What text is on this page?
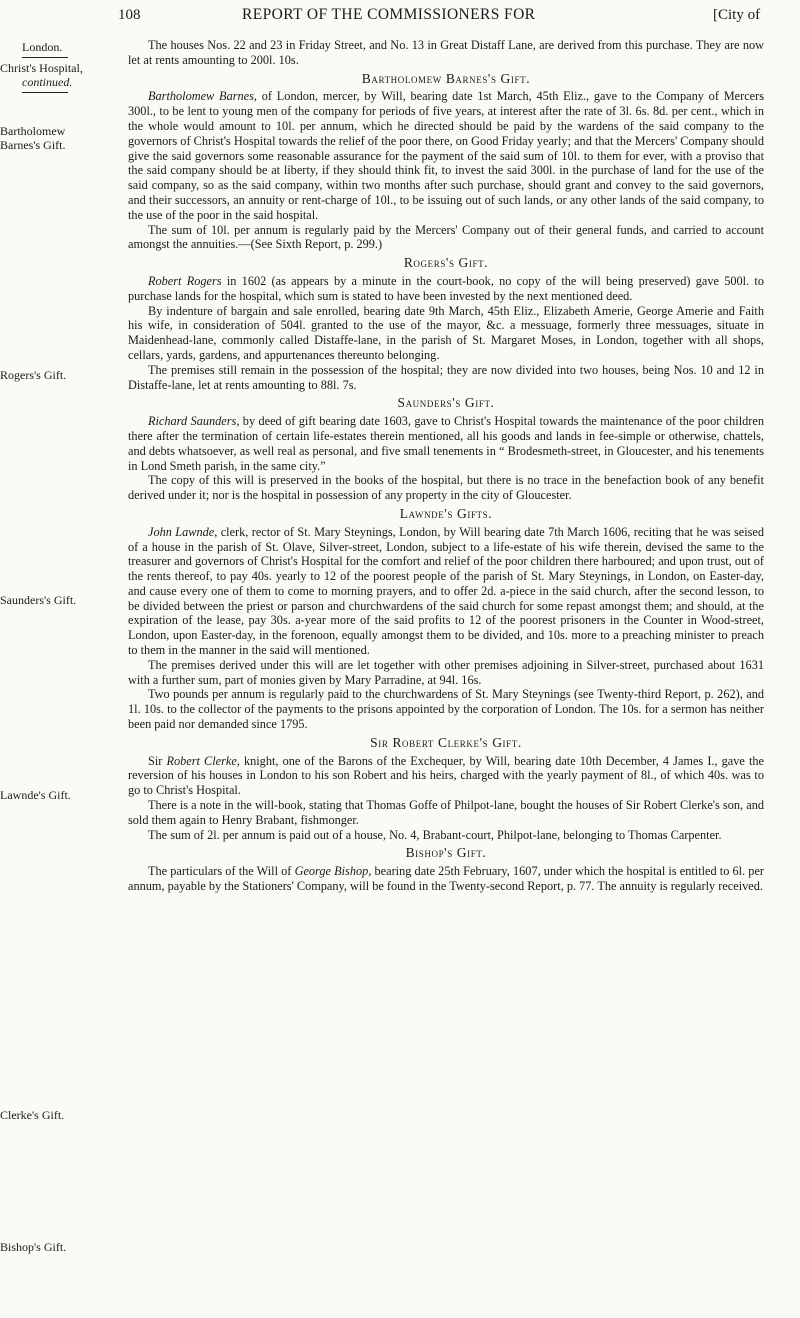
108	REPORT OF THE COMMISSIONERS FOR	[City of
London.
Christ's Hospital,
continued.
Bartholomew
Barnes's Gift.
Rogers's Gift.
Saunders's Gift.
Lawnde's Gift.
Clerke's Gift.
Bishop's Gift.

The houses Nos. 22 and 23 in Friday Street, and No. 13 in Great Distaff Lane, are derived from this purchase. They are now let at rents amounting to 200l. 10s.

Bartholomew Barnes's Gift.

Bartholomew Barnes, of London, mercer, by Will, bearing date 1st March, 45th Eliz., gave to the Company of Mercers 300l., to be lent to young men of the company for periods of five years, at interest after the rate of 3l. 6s. 8d. per cent., which in the whole would amount to 10l. per annum, which he directed should be paid by the wardens of the said company to the governors of Christ's Hospital towards the relief of the poor there, on Good Friday yearly; and that the Mercers' Company should give the said governors some reasonable assurance for the payment of the said sum of 10l. to them for ever, with a proviso that the said company should be at liberty, if they should think fit, to invest the said 300l. in the purchase of land for the use of the said company, so as the said company, within two months after such purchase, should grant and convey to the said governors, and their successors, an annuity or rent-charge of 10l., to be issuing out of such lands, or any other lands of the said company, to the use of the poor in the said hospital.

The sum of 10l. per annum is regularly paid by the Mercers' Company out of their general funds, and carried to account amongst the annuities.—(See Sixth Report, p. 299.)

Rogers's Gift.

Robert Rogers in 1602 (as appears by a minute in the court-book, no copy of the will being preserved) gave 500l. to purchase lands for the hospital, which sum is stated to have been invested by the next mentioned deed.

By indenture of bargain and sale enrolled, bearing date 9th March, 45th Eliz., Elizabeth Amerie, George Amerie and Faith his wife, in consideration of 504l. granted to the use of the mayor, &c. a messuage, formerly three messuages, situate in Maidenhead-lane, commonly called Distaffe-lane, in the parish of St. Margaret Moses, in London, together with all shops, cellars, yards, gardens, and appurtenances thereunto belonging.

The premises still remain in the possession of the hospital; they are now divided into two houses, being Nos. 10 and 12 in Distaffe-lane, let at rents amounting to 88l. 7s.

Saunders's Gift.

Richard Saunders, by deed of gift bearing date 1603, gave to Christ's Hospital towards the maintenance of the poor children there after the termination of certain life-estates therein mentioned, all his goods and lands in fee-simple or otherwise, chattels, and debts whatsoever, as well real as personal, and five small tenements in “ Brodesmeth-street, in Gloucester, and his tenements in Lond Smeth parish, in the same city.”

The copy of this will is preserved in the books of the hospital, but there is no trace in the benefaction book of any benefit derived under it; nor is the hospital in possession of any property in the city of Gloucester.

Lawnde's Gifts.

John Lawnde, clerk, rector of St. Mary Steynings, London, by Will bearing date 7th March 1606, reciting that he was seised of a house in the parish of St. Olave, Silver-street, London, subject to a life-estate of his wife therein, devised the same to the treasurer and governors of Christ's Hospital for the comfort and relief of the poor children there harboured; and upon trust, out of the rents thereof, to pay 40s. yearly to 12 of the poorest people of the parish of St. Mary Steynings, in London, on Easter-day, and cause every one of them to come to morning prayers, and to offer 2d. a-piece in the said church, after the second lesson, to be divided between the priest or parson and churchwardens of the said church for some repast amongst them; and should, at the expiration of the lease, pay 30s. a-year more of the said profits to 12 of the poorest prisoners in the Counter in Wood-street, London, upon Easter-day, in the forenoon, equally amongst them to be divided, and 10s. more to a preaching minister to preach to them in the manner in the said will mentioned.

The premises derived under this will are let together with other premises adjoining in Silver-street, purchased about 1631 with a further sum, part of monies given by Mary Parradine, at 94l. 16s.

Two pounds per annum is regularly paid to the churchwardens of St. Mary Steynings (see Twenty-third Report, p. 262), and 1l. 10s. to the collector of the payments to the prisons appointed by the corporation of London. The 10s. for a sermon has neither been paid nor demanded since 1795.

Sir Robert Clerke's Gift.

Sir Robert Clerke, knight, one of the Barons of the Exchequer, by Will, bearing date 10th December, 4 James I., gave the reversion of his houses in London to his son Robert and his heirs, charged with the yearly payment of 8l., of which 40s. was to go to Christ's Hospital.

There is a note in the will-book, stating that Thomas Goffe of Philpot-lane, bought the houses of Sir Robert Clerke's son, and sold them again to Henry Brabant, fishmonger.

The sum of 2l. per annum is paid out of a house, No. 4, Brabant-court, Philpot-lane, belonging to Thomas Carpenter.

Bishop's Gift.

The particulars of the Will of George Bishop, bearing date 25th February, 1607, under which the hospital is entitled to 6l. per annum, payable by the Stationers' Company, will be found in the Twenty-second Report, p. 77. The annuity is regularly received.
